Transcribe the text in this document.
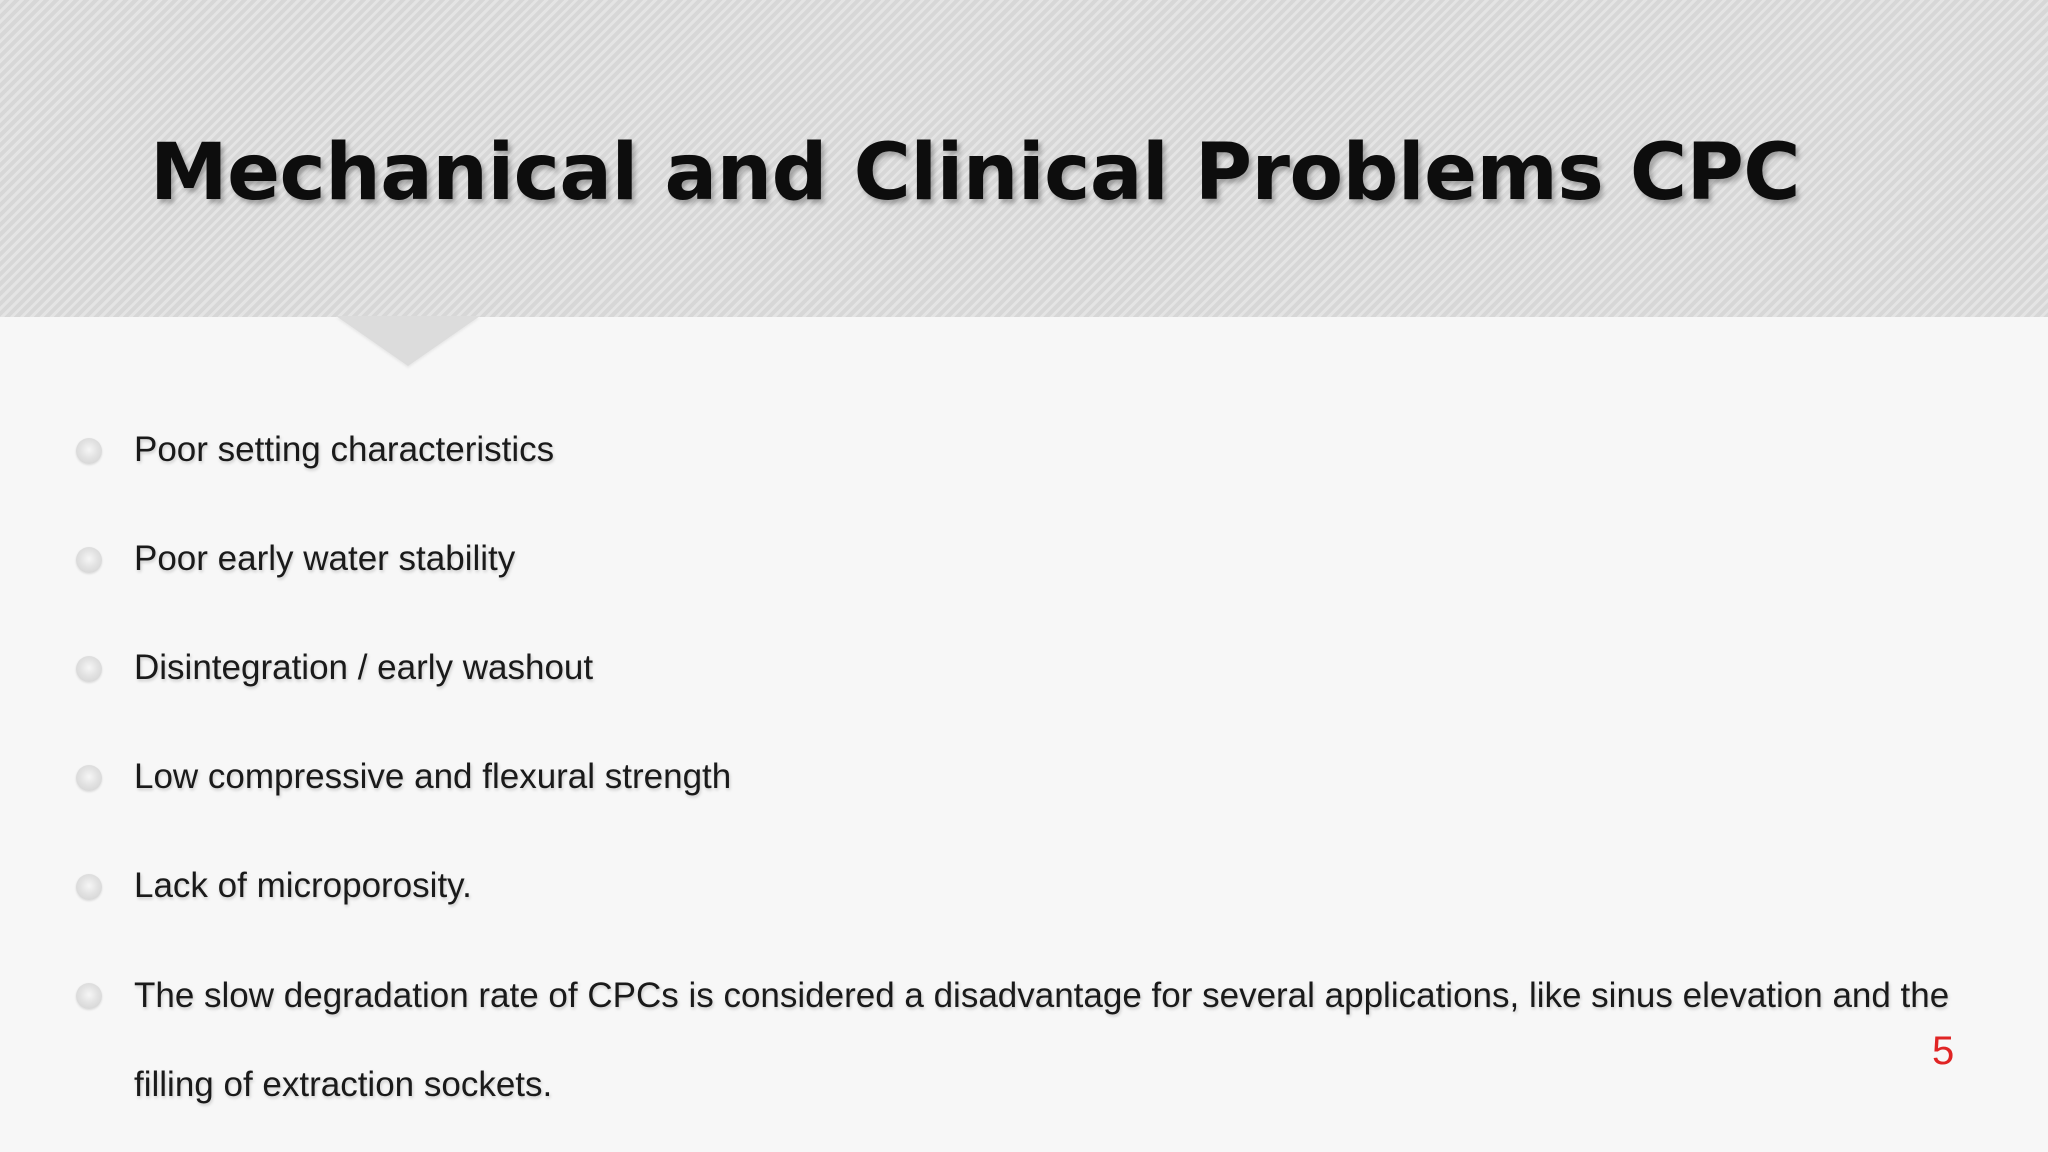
Mechanical and Clinical Problems CPC
Poor setting characteristics
Poor early water stability
Disintegration / early washout
Low compressive and flexural strength
Lack of microporosity.
The slow degradation rate of CPCs is considered a disadvantage for several applications, like sinus elevation and the filling of extraction sockets.
5
